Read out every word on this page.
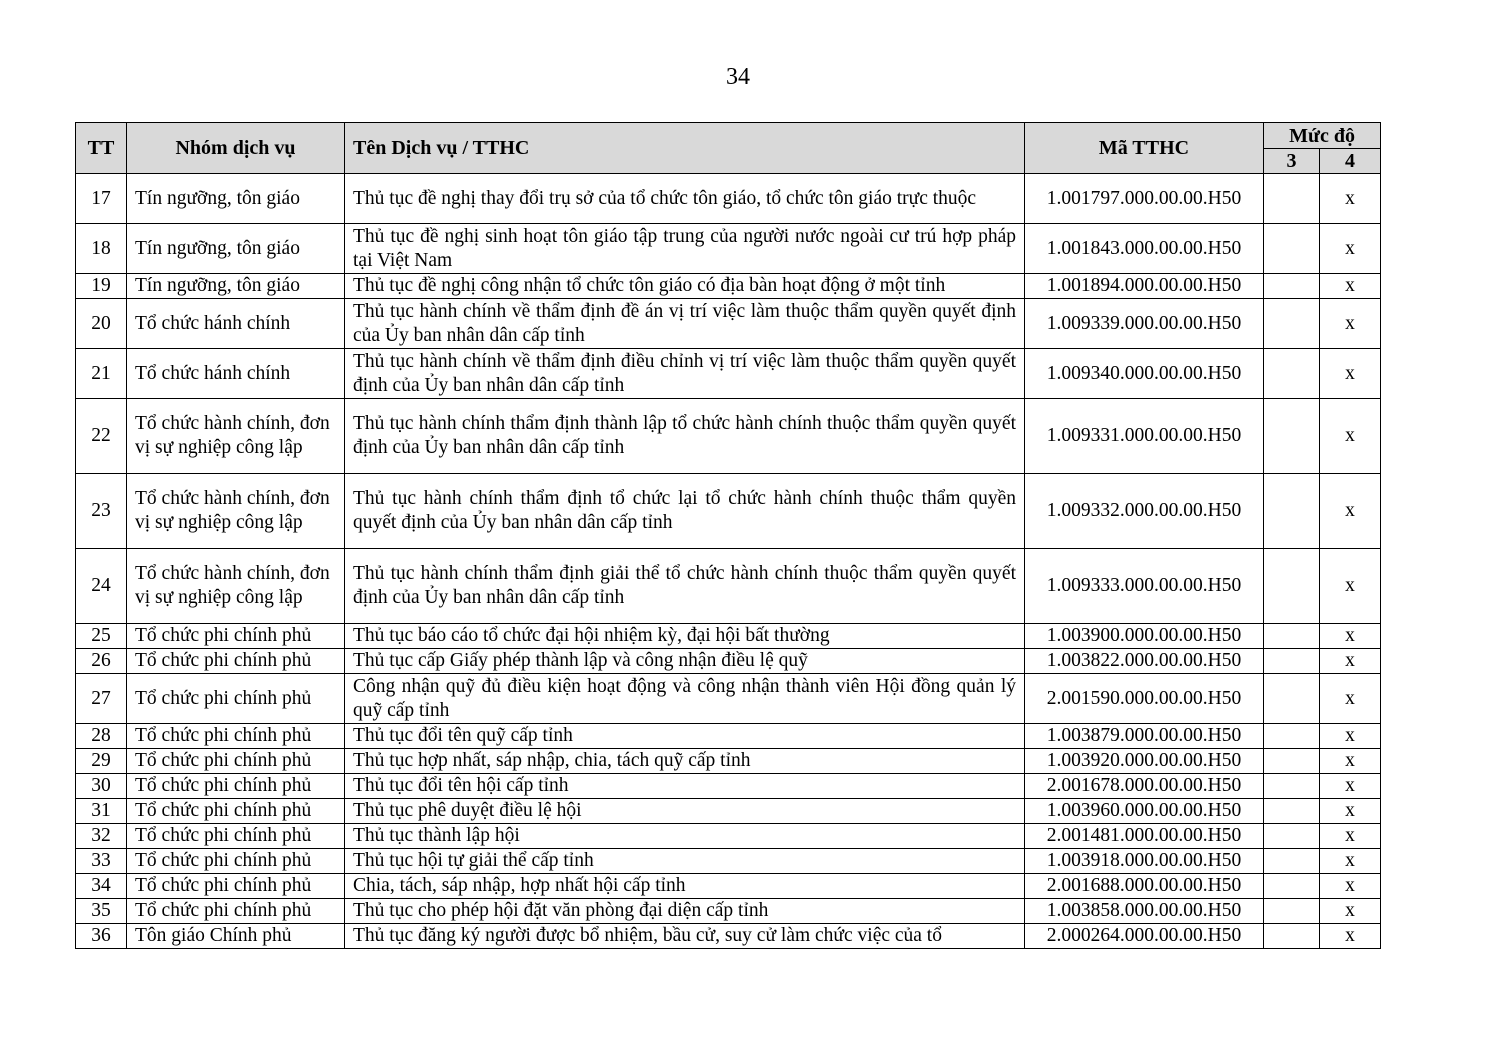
34
TT	Nhóm dịch vụ	Tên Dịch vụ / TTHC	Mã TTHC	Mức độ	
				3	4
17	Tín ngưỡng, tôn giáo	Thủ tục đề nghị thay đổi trụ sở của tổ chức tôn giáo, tổ chức tôn giáo trực thuộc	1.001797.000.00.00.H50		x
18	Tín ngưỡng, tôn giáo	Thủ tục đề nghị sinh hoạt tôn giáo tập trung của người nước ngoài cư trú hợp pháp tại Việt Nam	1.001843.000.00.00.H50		x
19	Tín ngưỡng, tôn giáo	Thủ tục đề nghị công nhận tổ chức tôn giáo có địa bàn hoạt động ở một tỉnh	1.001894.000.00.00.H50		x
20	Tổ chức hánh chính	Thủ tục hành chính về thẩm định đề án vị trí việc làm thuộc thẩm quyền quyết định của Ủy ban nhân dân cấp tỉnh	1.009339.000.00.00.H50		x
21	Tổ chức hánh chính	Thủ tục hành chính về thẩm định điều chỉnh vị trí việc làm thuộc thẩm quyền quyết định của Ủy ban nhân dân cấp tỉnh	1.009340.000.00.00.H50		x
22	Tổ chức hành chính, đơn vị sự nghiệp công lập	Thủ tục hành chính thẩm định thành lập tổ chức hành chính thuộc thẩm quyền quyết định của Ủy ban nhân dân cấp tỉnh	1.009331.000.00.00.H50		x
23	Tổ chức hành chính, đơn vị sự nghiệp công lập	Thủ tục hành chính thẩm định tổ chức lại tổ chức hành chính thuộc thẩm quyền quyết định của Ủy ban nhân dân cấp tỉnh	1.009332.000.00.00.H50		x
24	Tổ chức hành chính, đơn vị sự nghiệp công lập	Thủ tục hành chính thẩm định giải thể tổ chức hành chính thuộc thẩm quyền quyết định của Ủy ban nhân dân cấp tỉnh	1.009333.000.00.00.H50		x
25	Tổ chức phi chính phủ	Thủ tục báo cáo tổ chức đại hội nhiệm kỳ, đại hội bất thường	1.003900.000.00.00.H50		x
26	Tổ chức phi chính phủ	Thủ tục cấp Giấy phép thành lập và công nhận điều lệ quỹ	1.003822.000.00.00.H50		x
27	Tổ chức phi chính phủ	Công nhận quỹ đủ điều kiện hoạt động và công nhận thành viên Hội đồng quản lý quỹ cấp tỉnh	2.001590.000.00.00.H50		x
28	Tổ chức phi chính phủ	Thủ tục đổi tên quỹ cấp tỉnh	1.003879.000.00.00.H50		x
29	Tổ chức phi chính phủ	Thủ tục hợp nhất, sáp nhập, chia, tách quỹ cấp tỉnh	1.003920.000.00.00.H50		x
30	Tổ chức phi chính phủ	Thủ tục đổi tên hội cấp tỉnh	2.001678.000.00.00.H50		x
31	Tổ chức phi chính phủ	Thủ tục phê duyệt điều lệ hội	1.003960.000.00.00.H50		x
32	Tổ chức phi chính phủ	Thủ tục thành lập hội	2.001481.000.00.00.H50		x
33	Tổ chức phi chính phủ	Thủ tục hội tự giải thể cấp tỉnh	1.003918.000.00.00.H50		x
34	Tổ chức phi chính phủ	Chia, tách, sáp nhập, hợp nhất hội cấp tỉnh	2.001688.000.00.00.H50		x
35	Tổ chức phi chính phủ	Thủ tục cho phép hội đặt văn phòng đại diện cấp tỉnh	1.003858.000.00.00.H50		x
36	Tôn giáo Chính phủ	Thủ tục đăng ký người được bổ nhiệm, bầu cử, suy cử làm chức việc của tổ	2.000264.000.00.00.H50		x
